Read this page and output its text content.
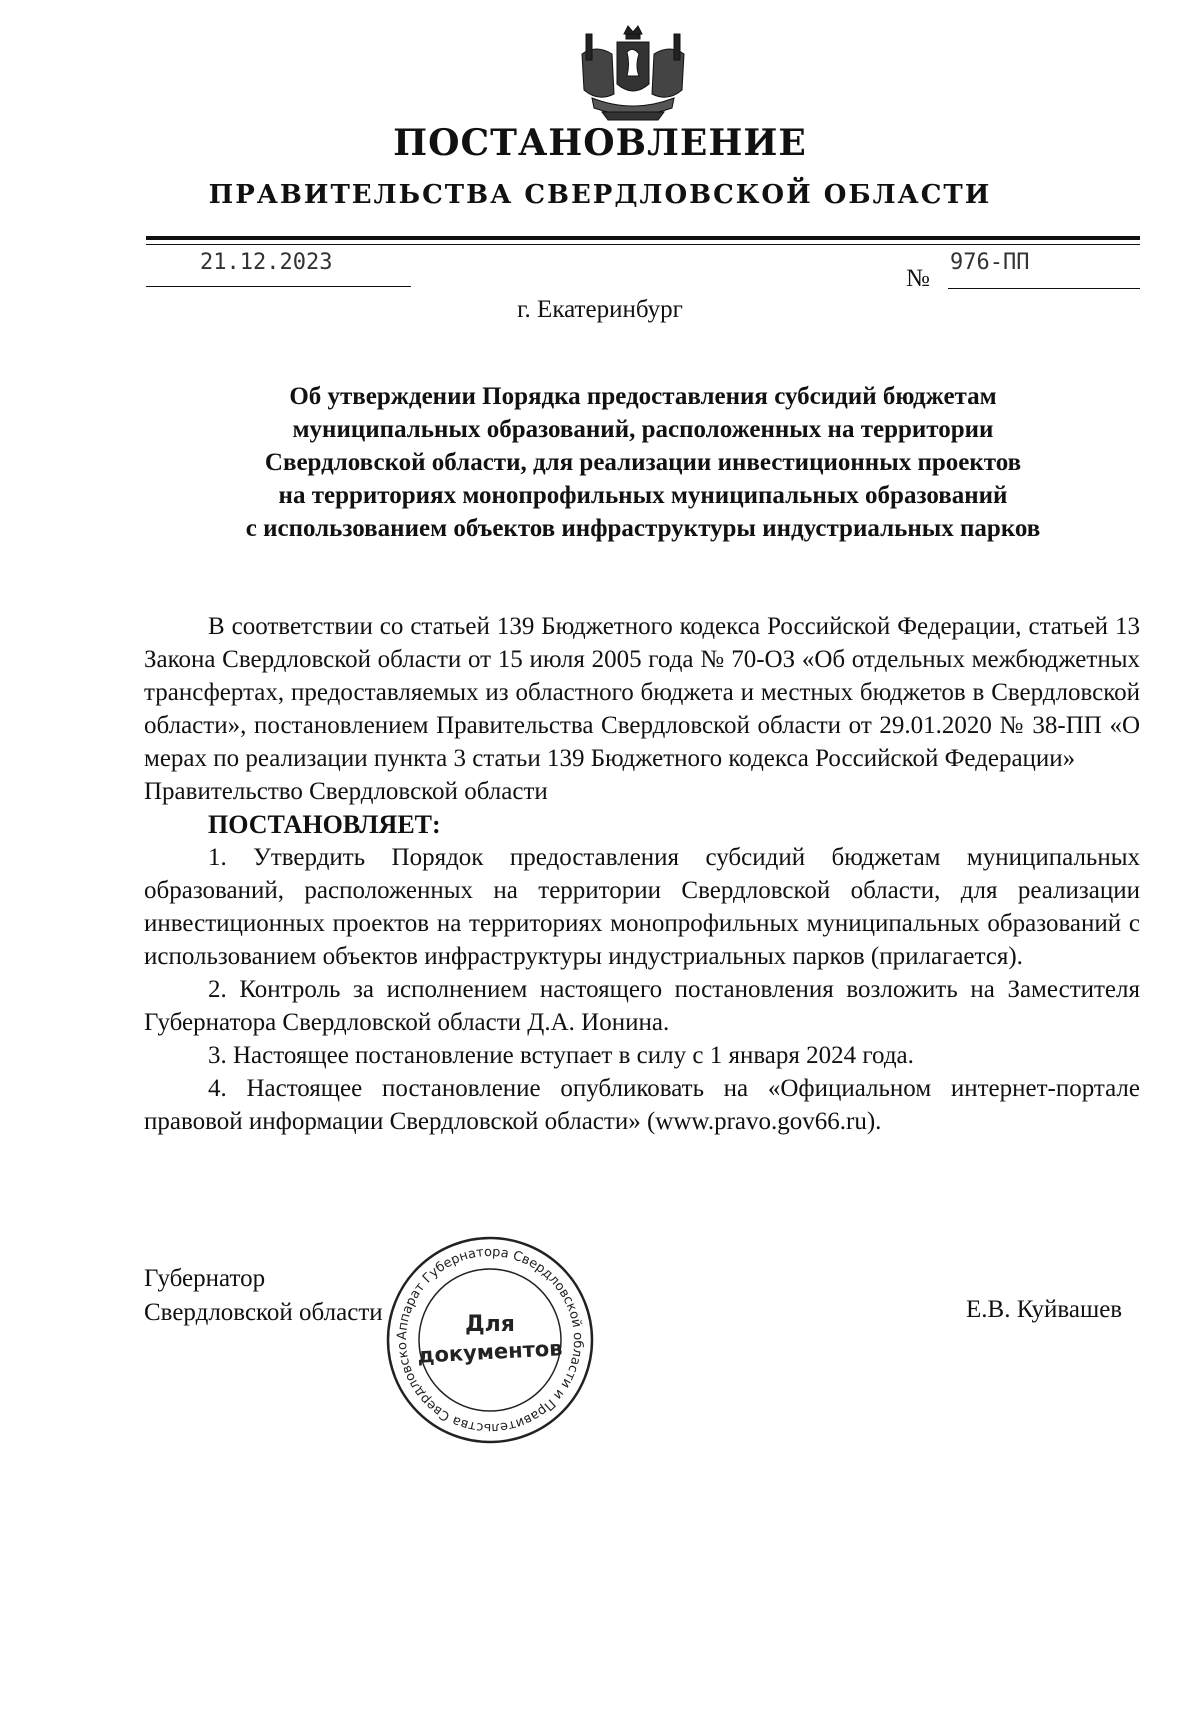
ПОСТАНОВЛЕНИЕ
ПРАВИТЕЛЬСТВА СВЕРДЛОВСКОЙ ОБЛАСТИ
21.12.2023
№
976-ПП
г. Екатеринбург
Об утверждении Порядка предоставления субсидий бюджетам
муниципальных образований, расположенных на территории
Свердловской области, для реализации инвестиционных проектов
на территориях монопрофильных муниципальных образований
с использованием объектов инфраструктуры индустриальных парков

В соответствии со статьей 139 Бюджетного кодекса Российской Федерации, статьей 13 Закона Свердловской области от 15 июля 2005 года № 70-ОЗ «Об отдельных межбюджетных трансфертах, предоставляемых из областного бюджета и местных бюджетов в Свердловской области», постановлением Правительства Свердловской области от 29.01.2020 № 38-ПП «О мерах по реализации пункта 3 статьи 139 Бюджетного кодекса Российской Федерации»

Правительство Свердловской области

ПОСТАНОВЛЯЕТ:

1. Утвердить Порядок предоставления субсидий бюджетам муниципальных образований, расположенных на территории Свердловской области, для реализации инвестиционных проектов на территориях монопрофильных муниципальных образований с использованием объектов инфраструктуры индустриальных парков (прилагается).

2. Контроль за исполнением настоящего постановления возложить на Заместителя Губернатора Свердловской области Д.А. Ионина.

3. Настоящее постановление вступает в силу с 1 января 2024 года.

4. Настоящее постановление опубликовать на «Официальном интернет-портале правовой информации Свердловской области» (www.pravo.gov66.ru).

Губернатор
Свердловской области	Е.В. Куйвашев
Аппарат Губернатора Свердловской области и Правительства Свердловско
Для
документов
